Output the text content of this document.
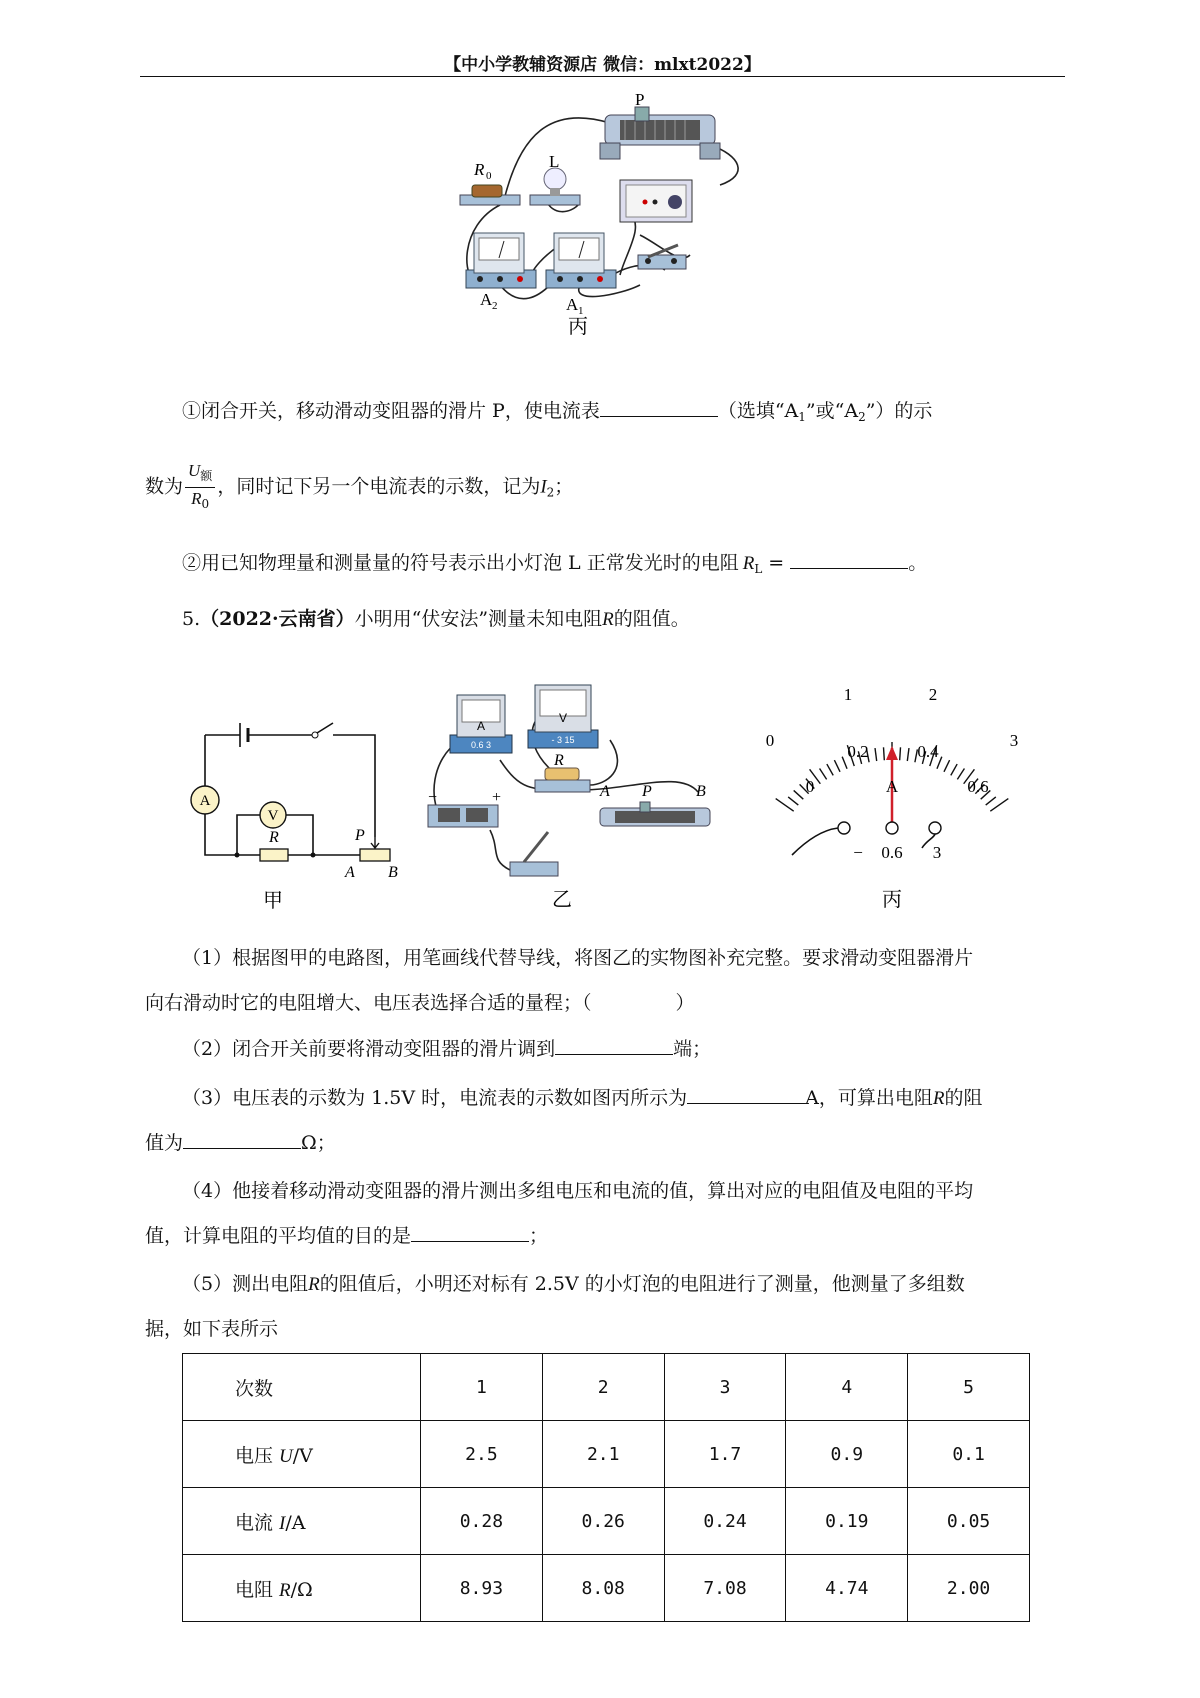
【中小学教辅资源店 微信：mlxt2022】
P
R 0
L
A 2	A 1
丙
①闭合开关，移动滑动变阻器的滑片 P，使电流表	（选填“$A_1$”或“$A_2$”）的示
数为 $\frac{U_额}{R_0}$ ，同时记下另一个电流表的示数，记为$I_2$；
②用已知物理量和测量量的符号表示出小灯泡 L 正常发光时的电阻 $R_L$ =	。
5.（2022·云南省）小明用“伏安法”测量未知电阻R的阻值。
A
V
R	P
A B
甲
A
0.6 3
V
- 3 15
R
−	+	A P	B
乙
0
1	2
3
0
0.2	0.4
0.6
A
− 0.6 3
丙
（1）根据图甲的电路图，用笔画线代替导线，将图乙的实物图补充完整。要求滑动变阻器滑片
向右滑动时它的电阻增大、电压表选择合适的量程；（	）
（2）闭合开关前要将滑动变阻器的滑片调到	端；
（3）电压表的示数为 1.5V 时，电流表的示数如图丙所示为	A，可算出电阻R的阻
值为	Ω；
（4）他接着移动滑动变阻器的滑片测出多组电压和电流的值，算出对应的电阻值及电阻的平均
值，计算电阻的平均值的目的是	；
（5）测出电阻R的阻值后，小明还对标有 2.5V 的小灯泡的电阻进行了测量，他测量了多组数
据，如下表所示
次数	1	2	3	4	5
电压 U/V	2.5	2.1	1.7	0.9	0.1
电流 I/A	0.28	0.26	0.24	0.19	0.05
电阻 R/Ω	8.93	8.08	7.08	4.74	2.00
